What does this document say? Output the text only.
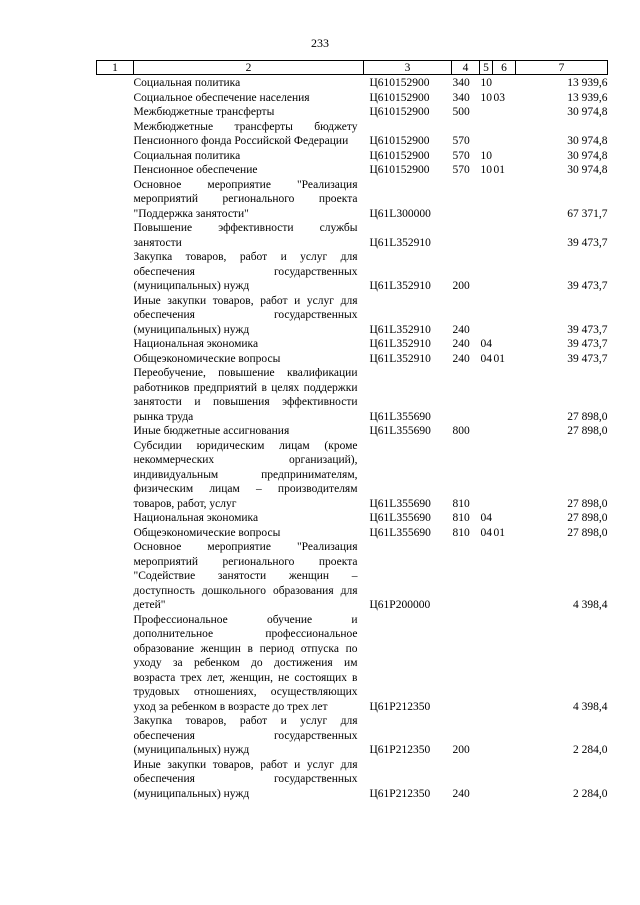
233
1	2	3	4	5	6	7
	Социальная политика	Ц610152900	340	10		13 939,6
	Социальное обеспечение населения	Ц610152900	340	10	03	13 939,6
	Межбюджетные трансферты	Ц610152900	500			30 974,8
	Межбюджетные трансферты бюджету Пенсионного фонда Российской Федерации	Ц610152900	570			30 974,8
	Социальная политика	Ц610152900	570	10		30 974,8
	Пенсионное обеспечение	Ц610152900	570	10	01	30 974,8
	Основное мероприятие "Реализация мероприятий регионального проекта "Поддержка занятости"	Ц61L300000				67 371,7
	Повышение эффективности службы занятости	Ц61L352910				39 473,7
	Закупка товаров, работ и услуг для обеспечения государственных (муниципальных) нужд	Ц61L352910	200			39 473,7
	Иные закупки товаров, работ и услуг для обеспечения государственных (муниципальных) нужд	Ц61L352910	240			39 473,7
	Национальная экономика	Ц61L352910	240	04		39 473,7
	Общеэкономические вопросы	Ц61L352910	240	04	01	39 473,7
	Переобучение, повышение квалификации работников предприятий в целях поддержки занятости и повышения эффективности рынка труда	Ц61L355690				27 898,0
	Иные бюджетные ассигнования	Ц61L355690	800			27 898,0
	Субсидии юридическим лицам (кроме некоммерческих организаций), индивидуальным предпринимателям, физическим лицам – производителям товаров, работ, услуг	Ц61L355690	810			27 898,0
	Национальная экономика	Ц61L355690	810	04		27 898,0
	Общеэкономические вопросы	Ц61L355690	810	04	01	27 898,0
	Основное мероприятие "Реализация мероприятий регионального проекта "Содействие занятости женщин – доступность дошкольного образования для детей"	Ц61P200000				4 398,4
	Профессиональное обучение и дополнительное профессиональное образование женщин в период отпуска по уходу за ребенком до достижения им возраста трех лет, женщин, не состоящих в трудовых отношениях, осуществляющих уход за ребенком в возрасте до трех лет	Ц61P212350				4 398,4
	Закупка товаров, работ и услуг для обеспечения государственных (муниципальных) нужд	Ц61P212350	200			2 284,0
	Иные закупки товаров, работ и услуг для обеспечения государственных (муниципальных) нужд	Ц61P212350	240			2 284,0
